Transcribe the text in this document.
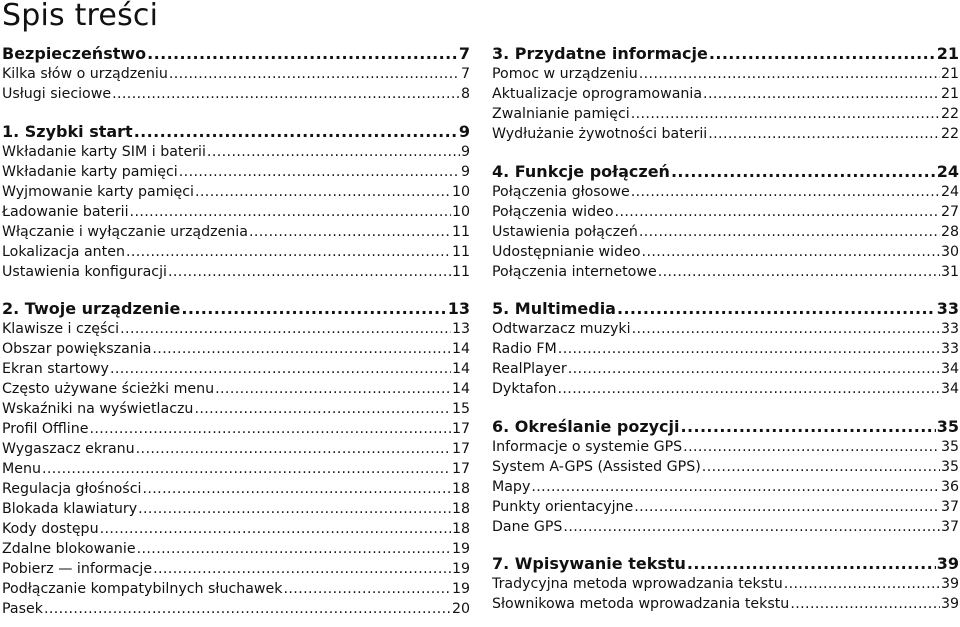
Spis treści
Bezpieczeństwo .....	7
Kilka słów o urządzeniu .....	7
Usługi sieciowe .....	8
1. Szybki start .....	9
Wkładanie karty SIM i baterii .....	9
Wkładanie karty pamięci .....	9
Wyjmowanie karty pamięci .....	10
Ładowanie baterii .....	10
Włączanie i wyłączanie urządzenia .....	11
Lokalizacja anten .....	11
Ustawienia konfiguracji .....	11
2. Twoje urządzenie .....	13
Klawisze i części .....	13
Obszar powiększania .....	14
Ekran startowy .....	14
Często używane ścieżki menu .....	14
Wskaźniki na wyświetlaczu .....	15
Profil Offline .....	17
Wygaszacz ekranu .....	17
Menu .....	17
Regulacja głośności .....	18
Blokada klawiatury .....	18
Kody dostępu .....	18
Zdalne blokowanie .....	19
Pobierz — informacje .....	19
Podłączanie kompatybilnych słuchawek .....	19
Pasek .....	20
3. Przydatne informacje .....	21
Pomoc w urządzeniu .....	21
Aktualizacje oprogramowania .....	21
Zwalnianie pamięci .....	22
Wydłużanie żywotności baterii .....	22
4. Funkcje połączeń .....	24
Połączenia głosowe .....	24
Połączenia wideo .....	27
Ustawienia połączeń .....	28
Udostępnianie wideo .....	30
Połączenia internetowe .....	31
5. Multimedia .....	33
Odtwarzacz muzyki .....	33
Radio FM .....	33
RealPlayer .....	34
Dyktafon .....	34
6. Określanie pozycji .....	35
Informacje o systemie GPS .....	35
System A-GPS (Assisted GPS) .....	35
Mapy .....	36
Punkty orientacyjne .....	37
Dane GPS .....	37
7. Wpisywanie tekstu .....	39
Tradycyjna metoda wprowadzania tekstu .....	39
Słownikowa metoda wprowadzania tekstu .....	39
